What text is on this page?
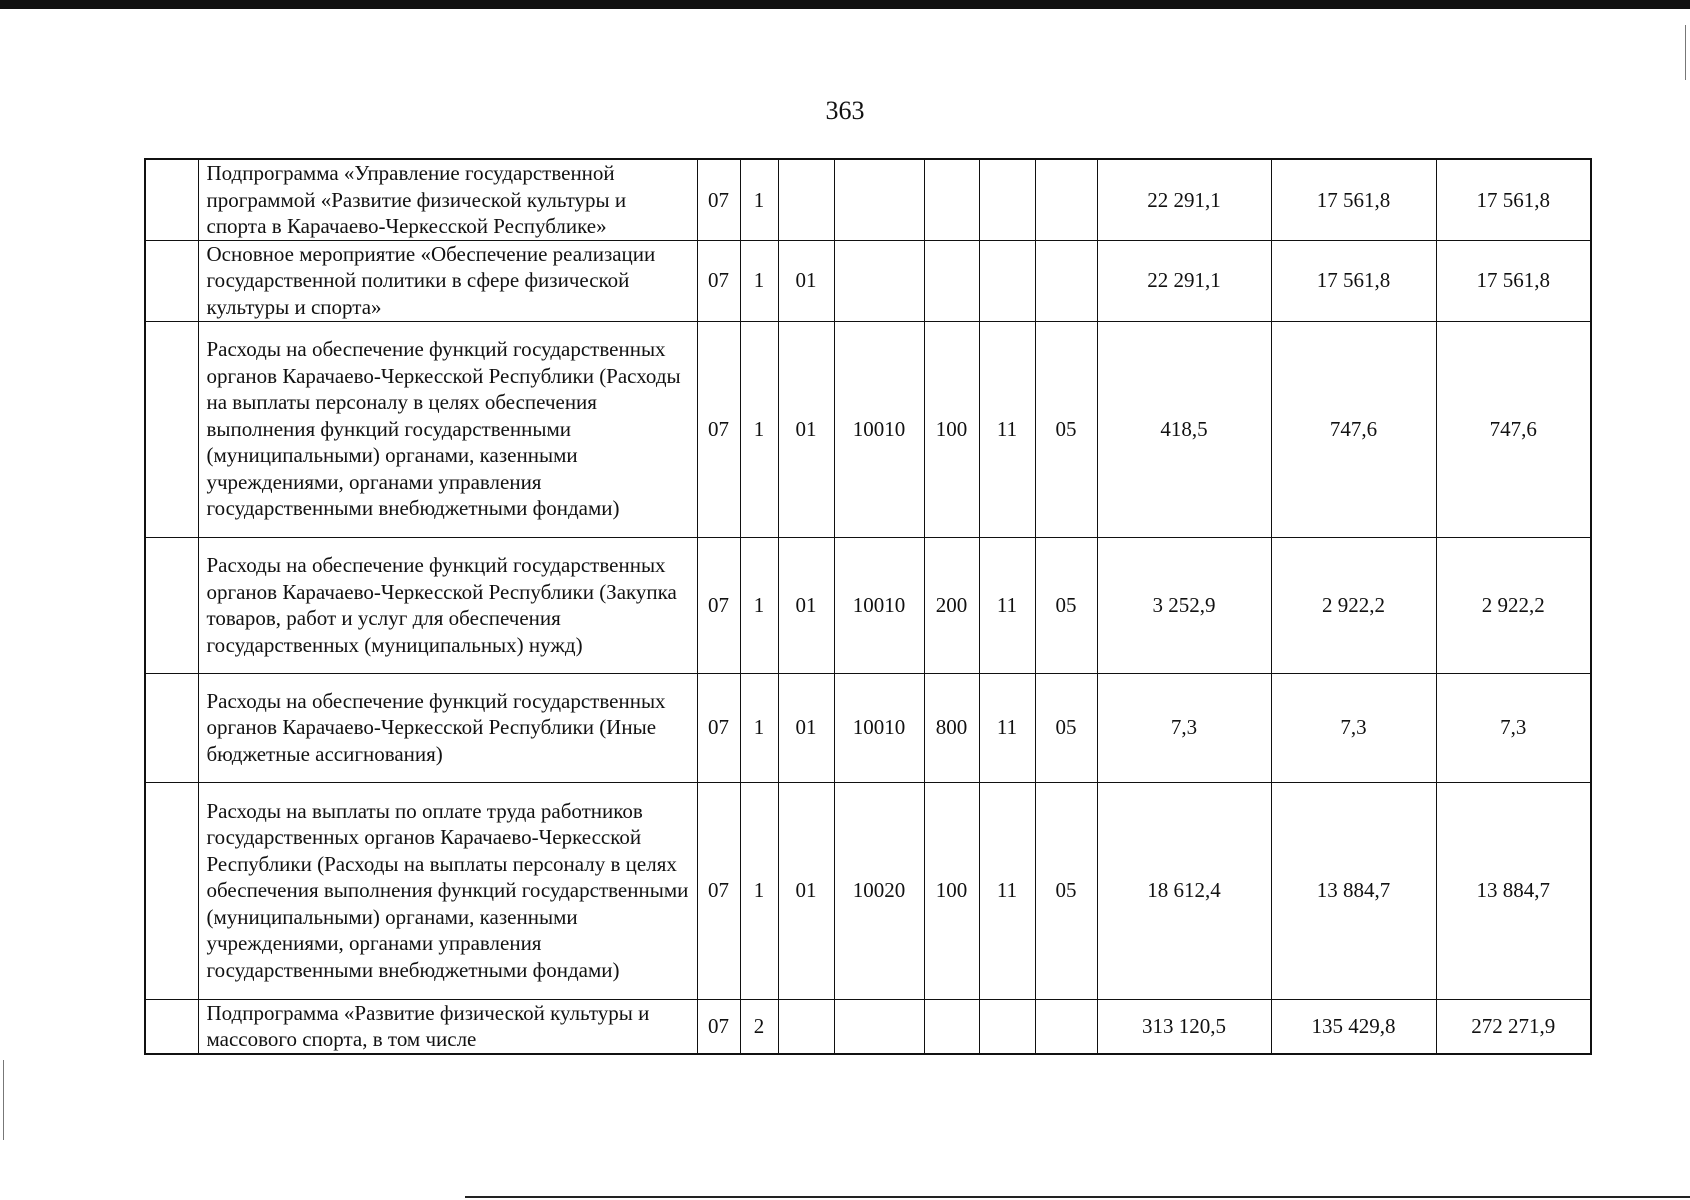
363
	Подпрограмма «Управление государственной программой «Развитие физической культуры и спорта в Карачаево-Черкесской Республике»	07	1						22 291,1	17 561,8	17 561,8
	Основное мероприятие «Обеспечение реализации государственной политики в сфере физической культуры и спорта»	07	1	01					22 291,1	17 561,8	17 561,8
	Расходы на обеспечение функций государственных органов Карачаево-Черкесской Республики (Расходы на выплаты персоналу в целях обеспечения выполнения функций государственными (муниципальными) органами, казенными учреждениями, органами управления государственными внебюджетными фондами)	07	1	01	10010	100	11	05	418,5	747,6	747,6
	Расходы на обеспечение функций государственных органов Карачаево-Черкесской Республики (Закупка товаров, работ и услуг для обеспечения государственных (муниципальных) нужд)	07	1	01	10010	200	11	05	3 252,9	2 922,2	2 922,2
	Расходы на обеспечение функций государственных органов Карачаево-Черкесской Республики (Иные бюджетные ассигнования)	07	1	01	10010	800	11	05	7,3	7,3	7,3
	Расходы на выплаты по оплате труда работников государственных органов Карачаево-Черкесской Республики (Расходы на выплаты персоналу в целях обеспечения выполнения функций государственными (муниципальными) органами, казенными учреждениями, органами управления государственными внебюджетными фондами)	07	1	01	10020	100	11	05	18 612,4	13 884,7	13 884,7
	Подпрограмма «Развитие физической культуры и массового спорта, в том числе	07	2						313 120,5	135 429,8	272 271,9
